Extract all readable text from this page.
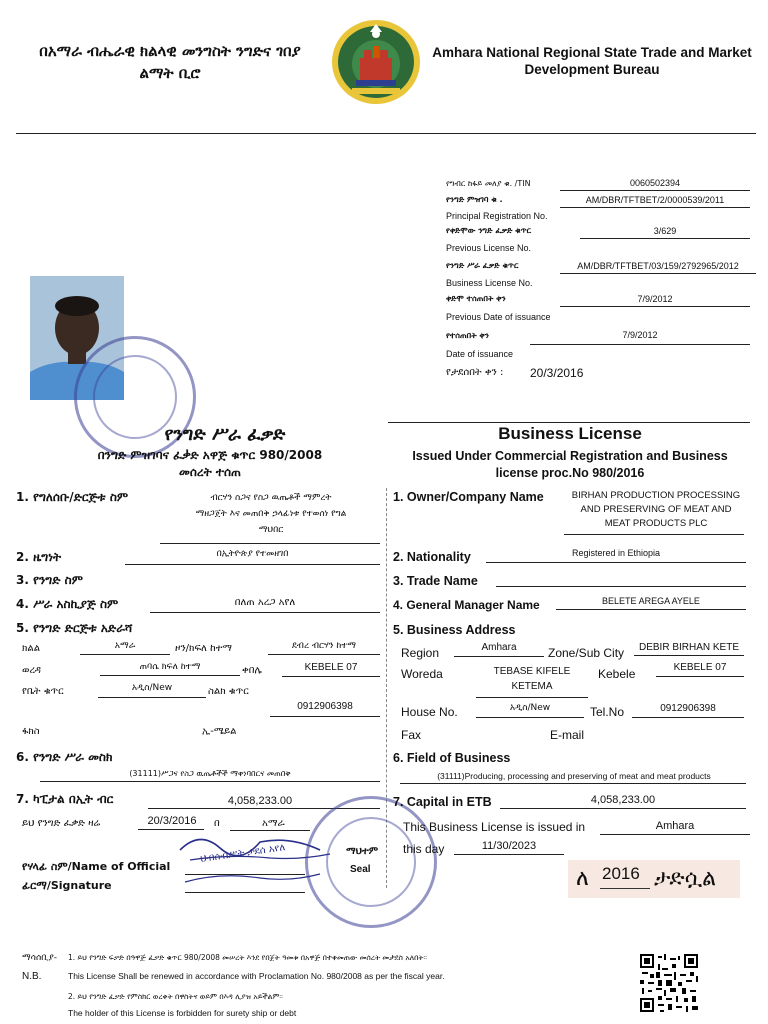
በአማራ ብሔራዊ ክልላዊ መንግስት ንግድና ገበያ
ልማት ቢሮ
Amhara National Regional State Trade and Market
Development Bureau
የግብር ከፋይ መለያ ቁ. /TIN	0060502394
የንግድ ምዝገባ ቁ .	AM/DBR/TFTBET/2/0000539/2011
Principal Registration No.
የቀድሞው ንግድ ፈቃድ ቁጥር	3/629
Previous License No.
የንግድ ሥራ ፈቃድ ቁጥር	AM/DBR/TFTBET/03/159/2792965/2012
Business License No.
ቀድሞ ተሰጠበት ቀን	7/9/2012
Previous Date of issuance
የተሰጠበት ቀን	7/9/2012
Date of issuance
የታደሰበት ቀን : 20/3/2016
የንግድ ሥራ ፈቃድ
በንግድ ምዝገባና ፈቃድ አዋጅ ቁጥር 980/2008
መሰረት ተሰጠ
Business License
Issued Under Commercial Registration and Business
license proc.No 980/2016
1. የግለሰቡ/ድርጅቱ ስም	ብርሃን ስጋና የስጋ ዉጤቶች ማምረት
ማዘጋጀት እና መጠበቅ ኃላፊነቱ የተወሰነ የግል
ማህበር
2. ዜግነት	በኢትዮጵያ የተመዘገበ
3. የንግድ ስም
4. ሥራ አስኪያጅ ስም	በለጠ አረጋ አየለ
5. የንግድ ድርጅቱ አድራሻ
ክልል	አማራ	ዞን/ክፍለ ከተማ	ደብረ ብርሃን ከተማ
ወረዳ	ጠባሴ ክፍለ ከተማ	ቀበሌ	KEBELE 07
የቤት ቁጥር	አዲስ/New	ስልክ ቁጥር
0912906398
ፋክስ	ኢ-ሜይል
6. የንግድ ሥራ መስክ
(31111)ሥጋና የስጋ ዉጤቶችች ማቀነባበርና መጠበቅ
7. ካፒታል በኢት ብር	4,058,233.00
ይህ የንግድ ፈቃድ ዛሬ	20/3/2016	በ	አማራ
የሃላፊ ስም/Name of Official
ፊርማ/Signature
ህብሰብሥት ታደሰ አየለ	ማህተም
Seal
1. Owner/Company Name	BIRHAN PRODUCTION PROCESSING
AND PRESERVING OF MEAT AND
MEAT PRODUCTS PLC
2. Nationality	Registered in Ethiopia
3. Trade Name
4. General Manager Name	BELETE AREGA AYELE
5. Business Address
Region	Amhara	Zone/Sub City	DEBIR BIRHAN KETE
Woreda	TEBASE KIFELE
KETEMA
Kebele	KEBELE 07
House No.	አዲስ/New	Tel.No	0912906398
Fax	E-mail
6. Field of Business
(31111)Producing, processing and preserving of meat and meat products
7. Capital in ETB	4,058,233.00
This Business License is issued in	Amhara
this day	11/30/2023
ለ 2016 ታድሷል
ማሳሰቢያ-
N.B.
1. ይህ የንግድ ፍቃድ በዓዋጅ ፈቃድ ቁጥር 980/2008 መሠረት እንደ የበጀት ዓመቱ በአዋጅ በተቀመጠው መሰረት መታደስ አለበት።
This License Shall be renewed in accordance with Proclamation No. 980/2008 as per the fiscal year.
2. ይህ የንግድ ፈቃድ የምስክር ወረቀት በዋስትና ወይም በእዳ ሊያዝ አይችልም።
The holder of this License is forbidden for surety ship or debt
